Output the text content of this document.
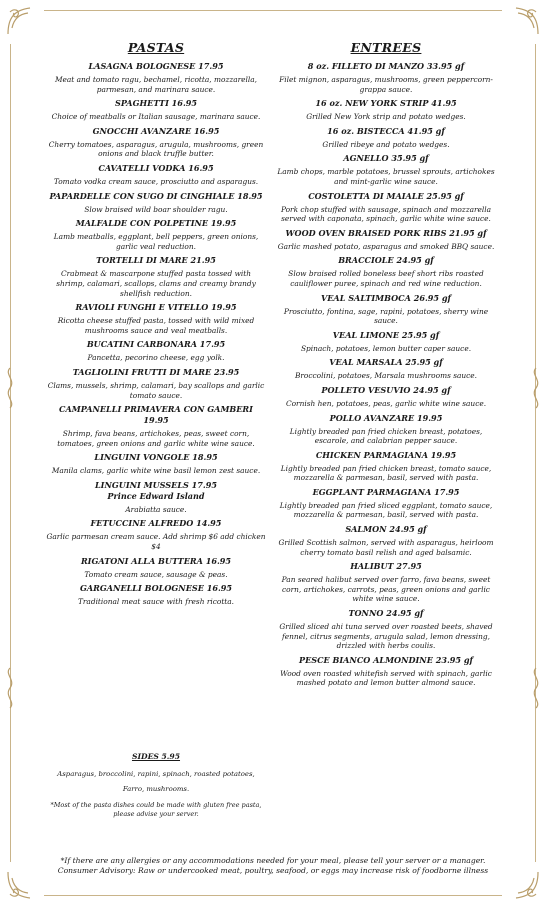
PASTAS
LASAGNA BOLOGNESE 17.95
Meat and tomato ragu, bechamel, ricotta, mozzarella, parmesan, and marinara sauce.
SPAGHETTI 16.95
Choice of meatballs or Italian sausage, marinara sauce.
GNOCCHI AVANZARE 16.95
Cherry tomatoes, asparagus, arugula, mushrooms, green onions and black truffle butter.
CAVATELLI VODKA 16.95
Tomato vodka cream sauce, prosciutto and asparagus.
PAPARDELLE CON SUGO DI CINGHIALE 18.95
Slow braised wild boar shoulder ragu.
MALFALDE CON POLPETINE 19.95
Lamb meatballs, eggplant, bell peppers, green onions, garlic veal reduction.
TORTELLI DI MARE 21.95
Crabmeat & mascarpone stuffed pasta tossed with shrimp, calamari, scallops, clams and creamy brandy shellfish reduction.
RAVIOLI FUNGHI E VITELLO 19.95
Ricotta cheese stuffed pasta, tossed with wild mixed mushrooms sauce and veal meatballs.
BUCATINI CARBONARA 17.95
Pancetta, pecorino cheese, egg yolk.
TAGLIOLINI FRUTTI DI MARE 23.95
Clams, mussels, shrimp, calamari, bay scallops and garlic tomato sauce.
CAMPANELLI PRIMAVERA CON GAMBERI 19.95
Shrimp, fava beans, artichokes, peas, sweet corn, tomatoes, green onions and garlic white wine sauce.
LINGUINI VONGOLE 18.95
Manila clams, garlic white wine basil lemon zest sauce.
LINGUINI MUSSELS 17.95
Prince Edward Island
Arabiatta sauce.
FETUCCINE ALFREDO 14.95
Garlic parmesan cream sauce. Add shrimp $6 add chicken $4
RIGATONI ALLA BUTTERA 16.95
Tomato cream sauce, sausage & peas.
GARGANELLI BOLOGNESE 16.95
Traditional meat sauce with fresh ricotta.
ENTREES
8 oz. FILLETO DI MANZO 33.95 gf
Filet mignon, asparagus, mushrooms, green peppercorn-grappa sauce.
16 oz. NEW YORK STRIP 41.95
Grilled New York strip and potato wedges.
16 oz. BISTECCA 41.95 gf
Grilled ribeye and potato wedges.
AGNELLO 35.95 gf
Lamb chops, marble potatoes, brussel sprouts, artichokes and mint-garlic wine sauce.
COSTOLETTA DI MAIALE 25.95 gf
Pork chop stuffed with sausage, spinach and mozzarella served with caponata, spinach, garlic white wine sauce.
WOOD OVEN BRAISED PORK RIBS 21.95 gf
Garlic mashed potato, asparagus and smoked BBQ sauce.
BRACCIOLE 24.95 gf
Slow braised rolled boneless beef short ribs roasted cauliflower puree, spinach and red wine reduction.
VEAL SALTIMBOCA 26.95 gf
Prosciutto, fontina, sage, rapini, potatoes, sherry wine sauce.
VEAL LIMONE 25.95 gf
Spinach, potatoes, lemon butter caper sauce.
VEAL MARSALA 25.95 gf
Broccolini, potatoes, Marsala mushrooms sauce.
POLLETO VESUVIO 24.95 gf
Cornish hen, potatoes, peas, garlic white wine sauce.
POLLO AVANZARE 19.95
Lightly breaded pan fried chicken breast, potatoes, escarole, and calabrian pepper sauce.
CHICKEN PARMAGIANA 19.95
Lightly breaded pan fried chicken breast, tomato sauce, mozzarella & parmesan, basil, served with pasta.
EGGPLANT PARMAGIANA 17.95
Lightly breaded pan fried sliced eggplant, tomato sauce, mozzarella & parmesan, basil, served with pasta.
SALMON 24.95 gf
Grilled Scottish salmon, served with asparagus, heirloom cherry tomato basil relish and aged balsamic.
HALIBUT 27.95
Pan seared halibut served over farro, fava beans, sweet corn, artichokes, carrots, peas, green onions and garlic white wine sauce.
TONNO 24.95 gf
Grilled sliced ahi tuna served over roasted beets, shaved fennel, citrus segments, arugula salad, lemon dressing, drizzled with herbs coulis.
PESCE BIANCO ALMONDINE 23.95 gf
Wood oven roasted whitefish served with spinach, garlic mashed potato and lemon butter almond sauce.
SIDES 5.95
Asparagus, broccolini, rapini, spinach, roasted potatoes, Farro, mushrooms.
*Most of the pasta dishes could be made with gluten free pasta, please advise your server.
*If there are any allergies or any accommodations needed for your meal, please tell your server or a manager.
Consumer Advisory: Raw or undercooked meat, poultry, seafood, or eggs may increase risk of foodborne illness
